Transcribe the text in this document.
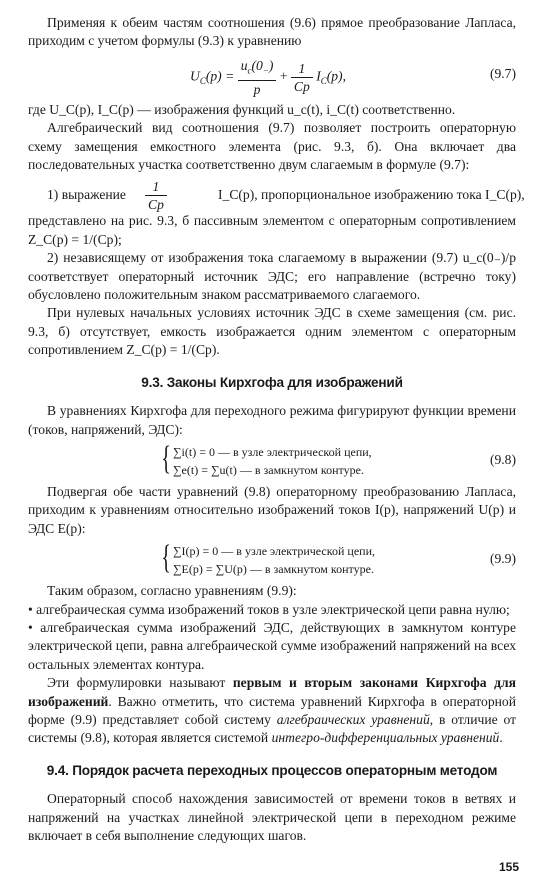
Применяя к обеим частям соотношения (9.6) прямое преобразование Лапласа, приходим с учетом формулы (9.3) к уравнению

$U_C(p) = \frac{u_c(0_-)}{p} + \frac{1}{Cp} I_C(p)$,	(9.7)

где U_C(p), I_C(p) — изображения функций u_c(t), i_C(t) соответственно.

Алгебраический вид соотношения (9.7) позволяет построить операторную схему замещения емкостного элемента (рис. 9.3, б). Она включает два последовательных участка соответственно двум слагаемым в формуле (9.7):

1) выражение $\frac{1}{Cp}$	I_C(p), пропорциональное изображению тока I_C(p),

представлено на рис. 9.3, б пассивным элементом с операторным сопротивлением Z_C(p) = 1/(Cp);

2) независящему от изображения тока слагаемому в выражении (9.7) u_c(0₋)/p соответствует операторный источник ЭДС; его направление (встречно току) обусловлено положительным знаком рассматриваемого слагаемого.

При нулевых начальных условиях источник ЭДС в схеме замещения (см. рис. 9.3, б) отсутствует, емкость изображается одним элементом с операторным сопротивлением Z_C(p) = 1/(Cp).

9.3. Законы Кирхгофа для изображений

В уравнениях Кирхгофа для переходного режима фигурируют функции времени (токов, напряжений, ЭДС):

{ ∑i(t) = 0 — в узле электрической цепи,
∑e(t) = ∑u(t) — в замкнутом контуре.
(9.8)

Подвергая обе части уравнений (9.8) операторному преобразованию Лапласа, приходим к уравнениям относительно изображений токов I(p), напряжений U(p) и ЭДС E(p):

{ ∑I(p) = 0 — в узле электрической цепи,
∑E(p) = ∑U(p) — в замкнутом контуре.
(9.9)

Таким образом, согласно уравнениям (9.9):

• алгебраическая сумма изображений токов в узле электрической цепи равна нулю;

• алгебраическая сумма изображений ЭДС, действующих в замкнутом контуре электрической цепи, равна алгебраической сумме изображений напряжений на всех остальных элементах контура.

Эти формулировки называют первым и вторым законами Кирхгофа для изображений. Важно отметить, что система уравнений Кирхгофа в операторной форме (9.9) представляет собой систему алгебраических уравнений, в отличие от системы (9.8), которая является системой интегро-дифференциальных уравнений.

9.4. Порядок расчета переходных процессов операторным методом

Операторный способ нахождения зависимостей от времени токов в ветвях и напряжений на участках линейной электрической цепи в переходном режиме включает в себя выполнение следующих шагов.

155
